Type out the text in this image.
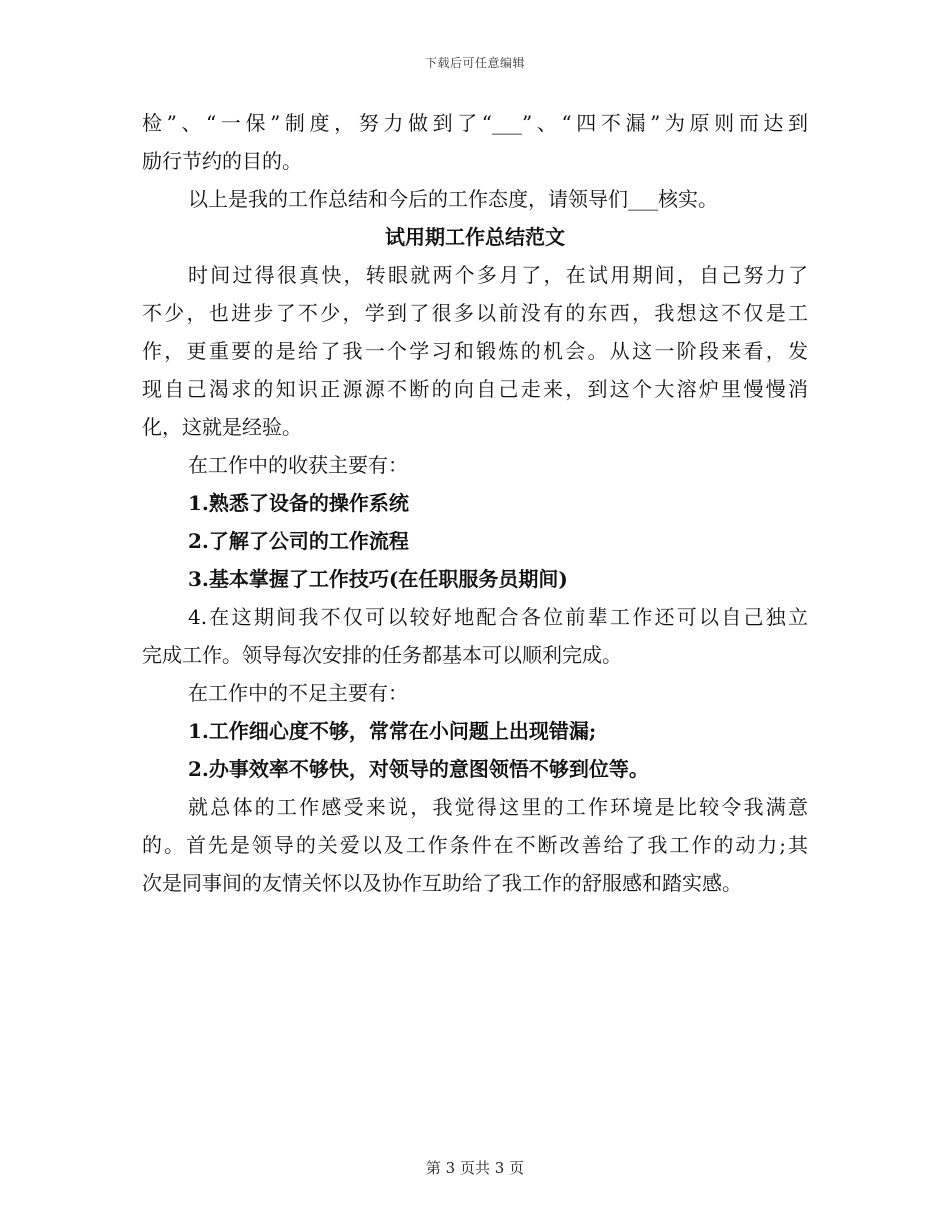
下载后可任意编辑
检”、“一保”制度，努力做到了“___”、“四不漏”为原则而达到
励行节约的目的。
以上是我的工作总结和今后的工作态度，请领导们___核实。
试用期工作总结范文
时间过得很真快，转眼就两个多月了，在试用期间，自己努力了
不少，也进步了不少，学到了很多以前没有的东西，我想这不仅是工
作，更重要的是给了我一个学习和锻炼的机会。从这一阶段来看，发
现自己渴求的知识正源源不断的向自己走来，到这个大溶炉里慢慢消
化，这就是经验。
在工作中的收获主要有：
1.熟悉了设备的操作系统
2.了解了公司的工作流程
3.基本掌握了工作技巧(在任职服务员期间)
4.在这期间我不仅可以较好地配合各位前辈工作还可以自己独立
完成工作。领导每次安排的任务都基本可以顺利完成。
在工作中的不足主要有：
1.工作细心度不够，常常在小问题上出现错漏;
2.办事效率不够快，对领导的意图领悟不够到位等。
就总体的工作感受来说，我觉得这里的工作环境是比较令我满意
的。首先是领导的关爱以及工作条件在不断改善给了我工作的动力;其
次是同事间的友情关怀以及协作互助给了我工作的舒服感和踏实感。
第 3 页共 3 页
